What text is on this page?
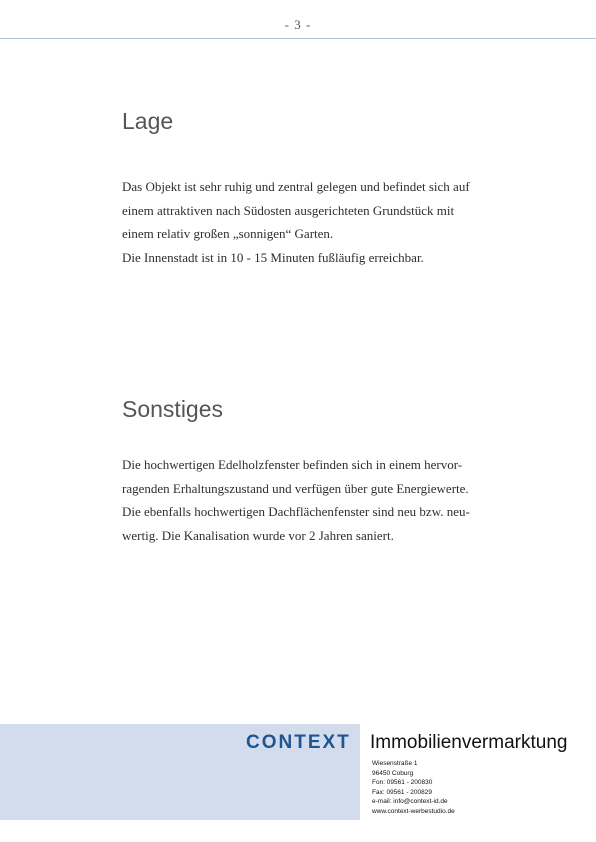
- 3 -
Lage

Das Objekt ist sehr ruhig und zentral gelegen und befindet sich auf

einem attraktiven nach Südosten ausgerichteten Grundstück mit

einem relativ großen „sonnigen“ Garten.

Die Innenstadt ist in 10 - 15 Minuten fußläufig erreichbar.

Sonstiges

Die hochwertigen Edelholzfenster befinden sich in einem hervor-

ragenden Erhaltungszustand und verfügen über gute Energiewerte.

Die ebenfalls hochwertigen Dachflächenfenster sind neu bzw. neu-

wertig. Die Kanalisation wurde vor 2 Jahren saniert.

CONTEXT Immobilienvermarktung
Wiesenstraße 1
96450 Coburg
Fon: 09561 - 200830
Fax: 09561 - 200829
e-mail: info@context-id.de
www.context-werbestudio.de
